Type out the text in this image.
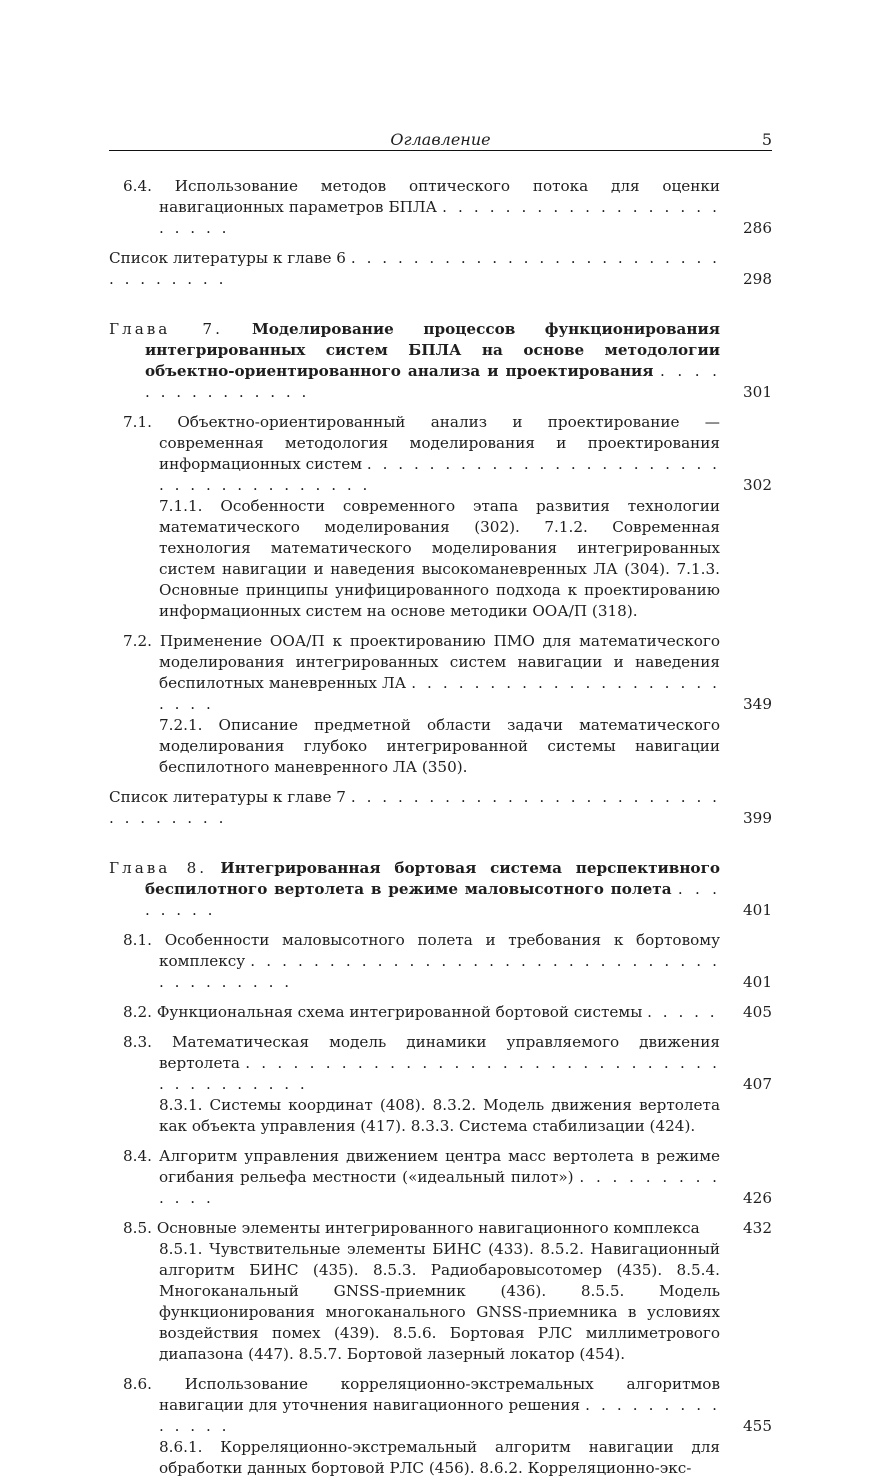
Оглавление	5
6.4. Использование методов оптического потока для оценки навигационных параметров БПЛА . . . . . . . . . . . . . . . . . . . . . . .	286
Список литературы к главе 6 . . . . . . . . . . . . . . . . . . . . . . . . . . . . . . . .	298
Глава 7. Моделирование процессов функционирования интегрированных систем БПЛА на основе методологии объектно-ориентированного анализа и проектирования . . . . . . . . . . . . . . .	301
7.1. Объектно-ориентированный анализ и проектирование — современная методология моделирования и проектирования информационных систем . . . . . . . . . . . . . . . . . . . . . . . . . . . . . . . . . . . . .	302
7.1.1. Особенности современного этапа развития технологии математического моделирования (302). 7.1.2. Современная технология математического моделирования интегрированных систем навигации и наведения высокоманевренных ЛА (304). 7.1.3. Основные принципы унифицированного подхода к проектированию информационных систем на основе методики ООА/П (318).
7.2. Применение ООА/П к проектированию ПМО для математического моделирования интегрированных систем навигации и наведения беспилотных маневренных ЛА . . . . . . . . . . . . . . . . . . . . . . . .	349
7.2.1. Описание предметной области задачи математического моделирования глубоко интегрированной системы навигации беспилотного маневренного ЛА (350).
Список литературы к главе 7 . . . . . . . . . . . . . . . . . . . . . . . . . . . . . . . .	399
Глава 8. Интегрированная бортовая система перспективного беспилотного вертолета в режиме маловысотного полета . . . . . . . .	401
8.1. Особенности маловысотного полета и требования к бортовому комплексу . . . . . . . . . . . . . . . . . . . . . . . . . . . . . . . . . . . . . . .	401
8.2. Функциональная схема интегрированной бортовой системы . . . . .	405
8.3. Математическая модель динамики управляемого движения вертолета . . . . . . . . . . . . . . . . . . . . . . . . . . . . . . . . . . . . . . . .	407
8.3.1. Системы координат (408). 8.3.2. Модель движения вертолета как объекта управления (417). 8.3.3. Система стабилизации (424).
8.4. Алгоритм управления движением центра масс вертолета в режиме огибания рельефа местности («идеальный пилот») . . . . . . . . . . . . .	426
8.5. Основные элементы интегрированного навигационного комплекса	432
8.5.1. Чувствительные элементы БИНС (433). 8.5.2. Навигационный алгоритм БИНС (435). 8.5.3. Радиобаровысотомер (435). 8.5.4. Многоканальный GNSS-приемник (436). 8.5.5. Модель функционирования многоканального GNSS-приемника в условиях воздействия помех (439). 8.5.6. Бортовая РЛС миллиметрового диапазона (447). 8.5.7. Бортовой лазерный локатор (454).
8.6. Использование корреляционно-экстремальных алгоритмов навигации для уточнения навигационного решения . . . . . . . . . . . . . .	455
8.6.1. Корреляционно-экстремальный алгоритм навигации для обработки данных бортовой РЛС (456). 8.6.2. Корреляционно-экс-
